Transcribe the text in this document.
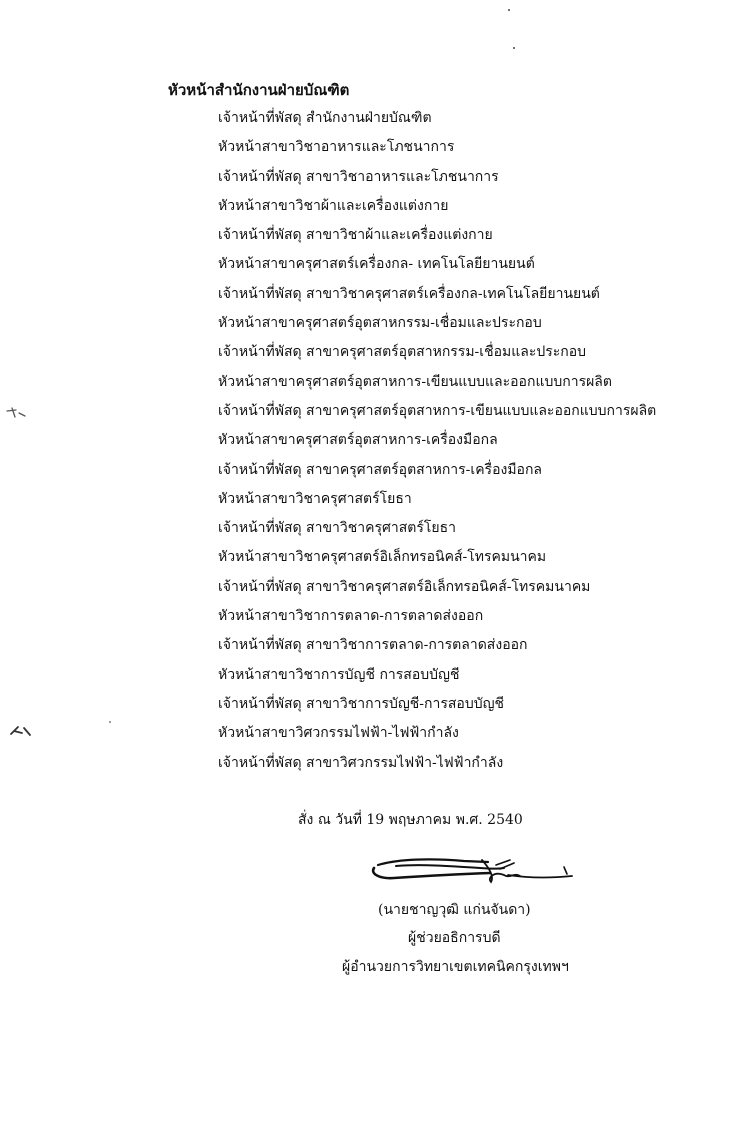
หัวหน้าสำนักงานฝ่ายบัณฑิต
เจ้าหน้าที่พัสดุ สำนักงานฝ่ายบัณฑิต
หัวหน้าสาขาวิชาอาหารและโภชนาการ
เจ้าหน้าที่พัสดุ สาขาวิชาอาหารและโภชนาการ
หัวหน้าสาขาวิชาผ้าและเครื่องแต่งกาย
เจ้าหน้าที่พัสดุ สาขาวิชาผ้าและเครื่องแต่งกาย
หัวหน้าสาขาครุศาสตร์เครื่องกล- เทคโนโลยียานยนต์
เจ้าหน้าที่พัสดุ สาขาวิชาครุศาสตร์เครื่องกล-เทคโนโลยียานยนต์
หัวหน้าสาขาครุศาสตร์อุตสาหกรรม-เชื่อมและประกอบ
เจ้าหน้าที่พัสดุ สาขาครุศาสตร์อุตสาหกรรม-เชื่อมและประกอบ
หัวหน้าสาขาครุศาสตร์อุตสาหการ-เขียนแบบและออกแบบการผลิต
เจ้าหน้าที่พัสดุ สาขาครุศาสตร์อุตสาหการ-เขียนแบบและออกแบบการผลิต
หัวหน้าสาขาครุศาสตร์อุตสาหการ-เครื่องมือกล
เจ้าหน้าที่พัสดุ สาขาครุศาสตร์อุตสาหการ-เครื่องมือกล
หัวหน้าสาขาวิชาครุศาสตร์โยธา
เจ้าหน้าที่พัสดุ สาขาวิชาครุศาสตร์โยธา
หัวหน้าสาขาวิชาครุศาสตร์อิเล็กทรอนิคส์-โทรคมนาคม
เจ้าหน้าที่พัสดุ สาขาวิชาครุศาสตร์อิเล็กทรอนิคส์-โทรคมนาคม
หัวหน้าสาขาวิชาการตลาด-การตลาดส่งออก
เจ้าหน้าที่พัสดุ สาขาวิชาการตลาด-การตลาดส่งออก
หัวหน้าสาขาวิชาการบัญชี การสอบบัญชี
เจ้าหน้าที่พัสดุ สาขาวิชาการบัญชี-การสอบบัญชี
หัวหน้าสาขาวิศวกรรมไฟฟ้า-ไฟฟ้ากำลัง
เจ้าหน้าที่พัสดุ สาขาวิศวกรรมไฟฟ้า-ไฟฟ้ากำลัง
สั่ง ณ วันที่ 19 พฤษภาคม พ.ศ. 2540
(นายชาญวุฒิ แก่นจันดา)
ผู้ช่วยอธิการบดี
ผู้อำนวยการวิทยาเขตเทคนิคกรุงเทพฯ
